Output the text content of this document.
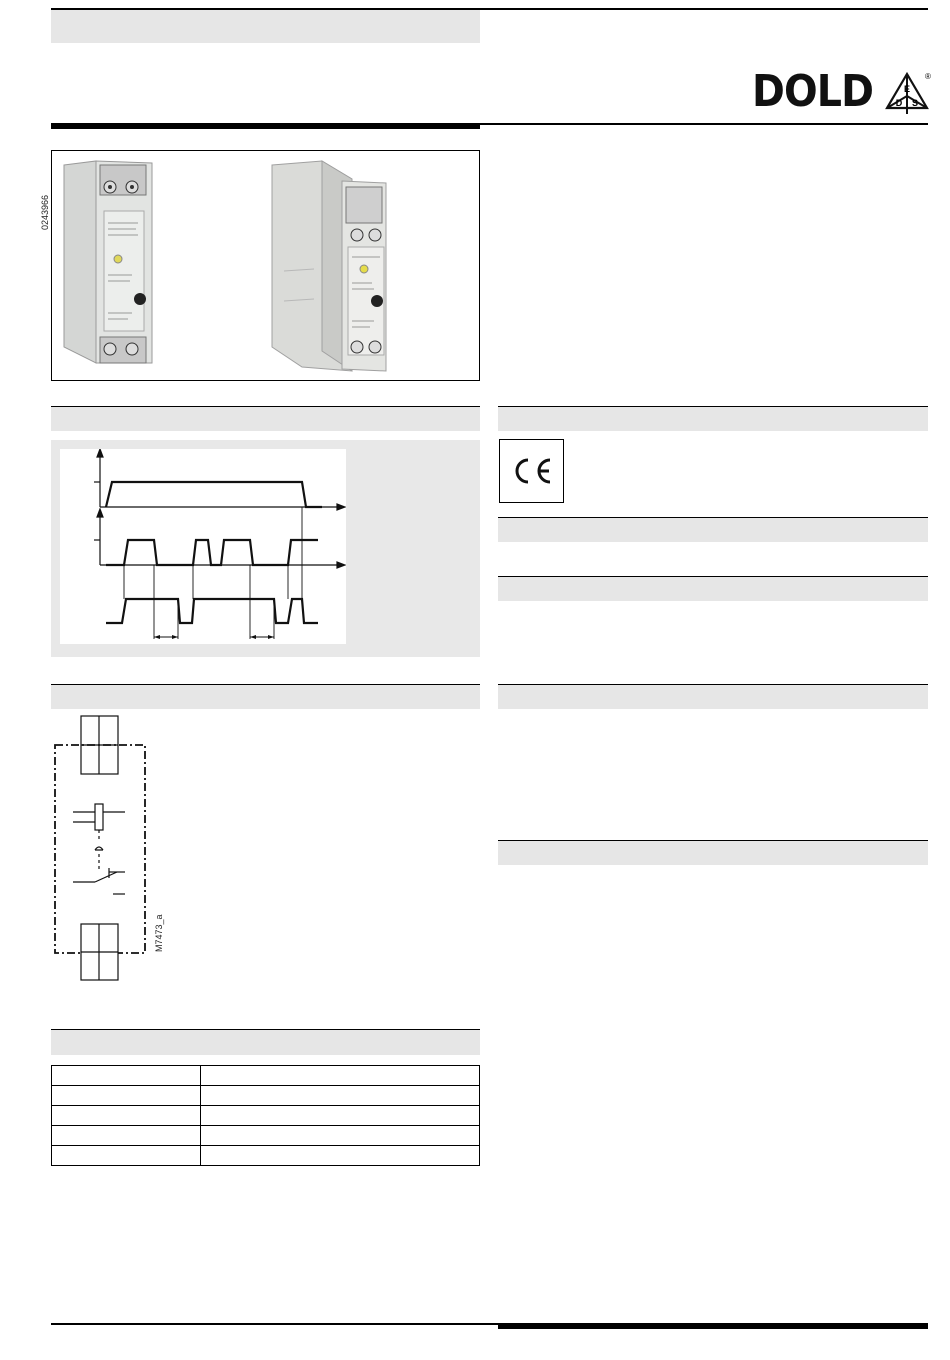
DOLD	E
D S
®
0243966
M7473_a
